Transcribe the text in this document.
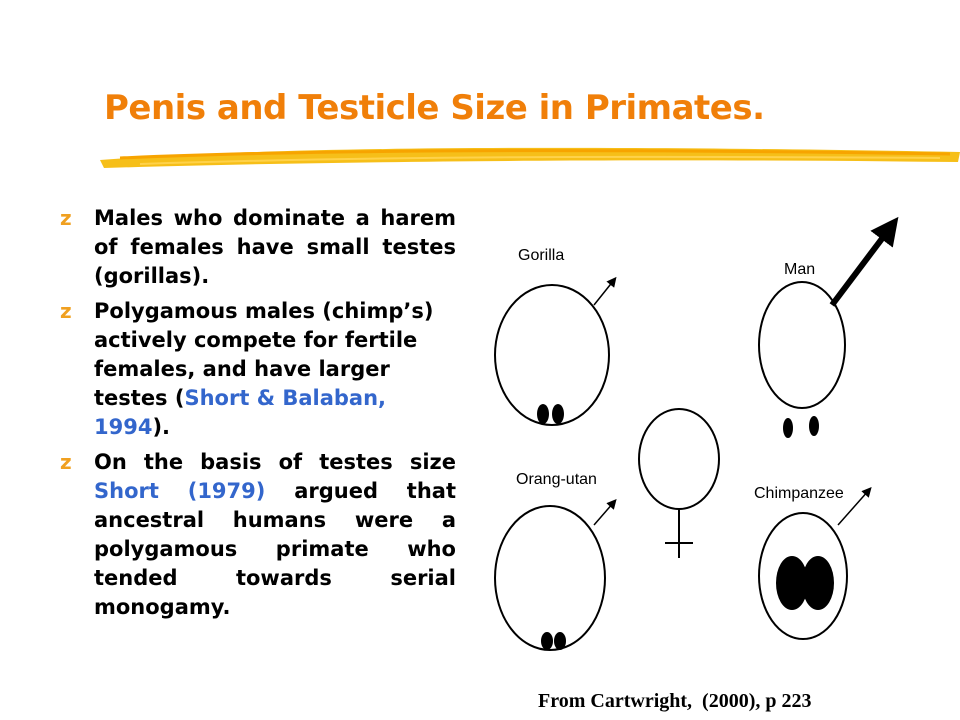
Penis and Testicle Size in Primates.
z Males who dominate a harem of females have small testes (gorillas).
z Polygamous males (chimp’s) actively compete for fertile females, and have larger testes (Short & Balaban, 1994).
z On the basis of testes size Short (1979) argued that ancestral humans were a polygamous primate who tended towards serial monogamy.
Gorilla
Man
Orang-utan
Chimpanzee
From Cartwright,  (2000), p 223
